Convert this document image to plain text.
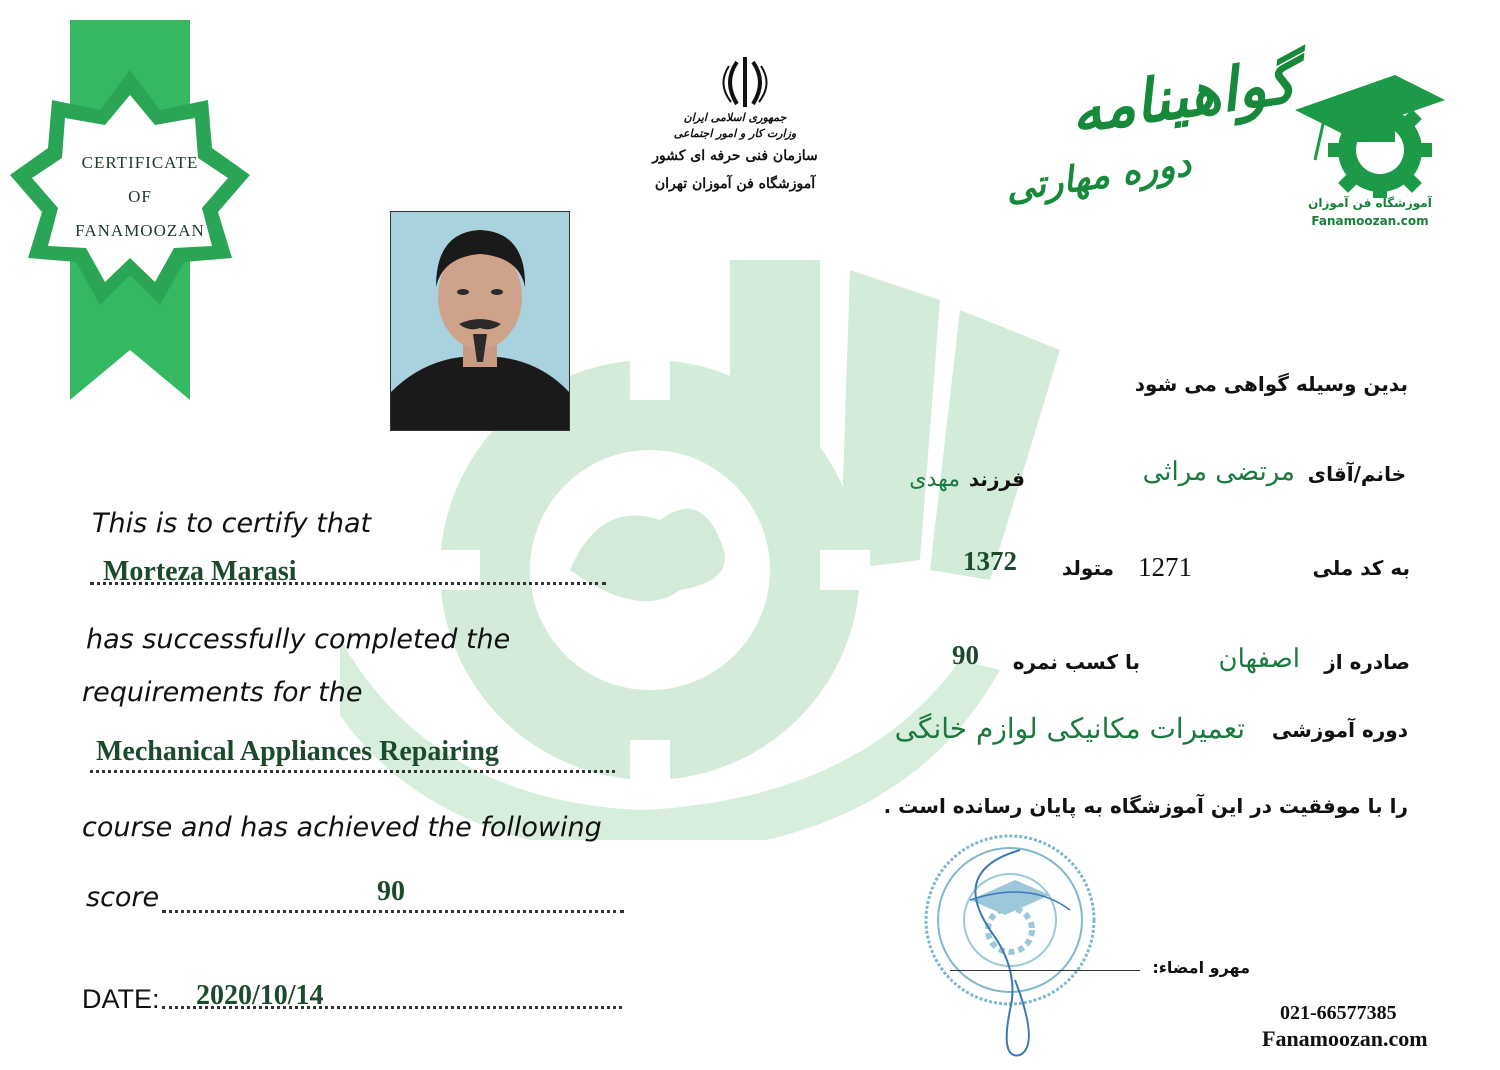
CERTIFICATE
OF
FANAMOOZAN
جمهوری اسلامی ایران
وزارت کار و امور اجتماعی
سازمان فنی حرفه ای کشور
آموزشگاه فن آموزان تهران
گواهینامه
دوره مهارتی	آموزشگاه فن آموزان
Fanamoozan.com
This is to certify that
Morteza Marasi
has successfully completed the
requirements for the
Mechanical Appliances Repairing
course and has achieved the following
score	90
DATE: 2020/10/14
بدین وسیله گواهی می شود
خانم/آقای
مرتضی مراثی
فرزند
مهدی
به کد ملی
1271
متولد
1372
صادره از
اصفهان
با کسب نمره
90
دوره آموزشی
تعمیرات مکانیکی لوازم خانگی
را با موفقیت در این آموزشگاه به پایان رسانده است .
مهرو امضاء:
021-66577385
Fanamoozan.com
